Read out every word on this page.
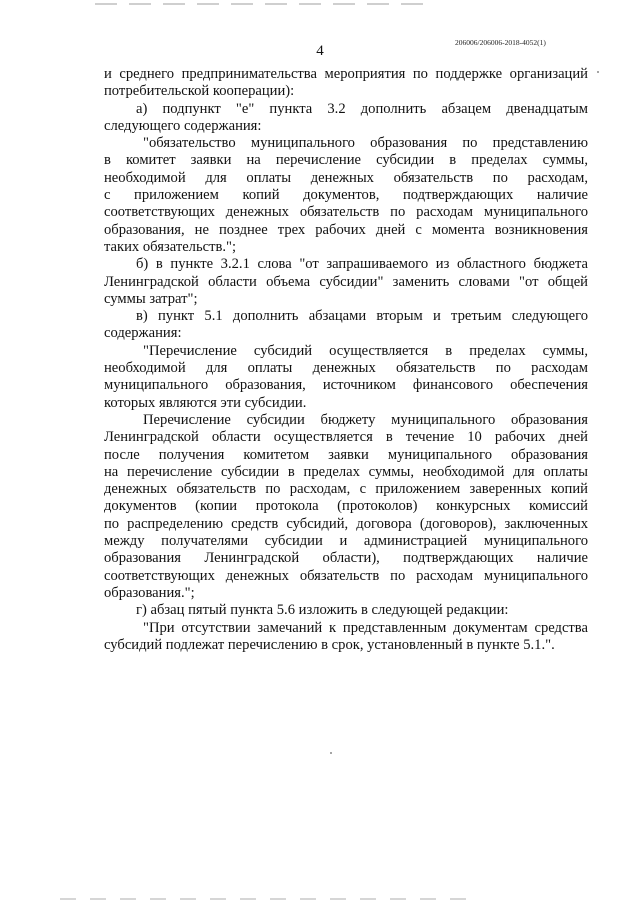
206006/206006-2018-4052(1)
4
и среднего предпринимательства мероприятия по поддержке организаций
потребительской кооперации):
а) подпункт "е" пункта 3.2 дополнить абзацем двенадцатым
следующего содержания:
"обязательство муниципального образования по представлению
в комитет заявки на перечисление субсидии в пределах суммы,
необходимой для оплаты денежных обязательств по расходам,
с приложением копий документов, подтверждающих наличие
соответствующих денежных обязательств по расходам муниципального
образования, не позднее трех рабочих дней с момента возникновения
таких обязательств.";
б) в пункте 3.2.1 слова "от запрашиваемого из областного бюджета
Ленинградской области объема субсидии" заменить словами "от общей
суммы затрат";
в) пункт 5.1 дополнить абзацами вторым и третьим следующего
содержания:
"Перечисление субсидий осуществляется в пределах суммы,
необходимой для оплаты денежных обязательств по расходам
муниципального образования, источником финансового обеспечения
которых являются эти субсидии.
Перечисление субсидии бюджету муниципального образования
Ленинградской области осуществляется в течение 10 рабочих дней
после получения комитетом заявки муниципального образования
на перечисление субсидии в пределах суммы, необходимой для оплаты
денежных обязательств по расходам, с приложением заверенных копий
документов (копии протокола (протоколов) конкурсных комиссий
по распределению средств субсидий, договора (договоров), заключенных
между получателями субсидии и администрацией муниципального
образования Ленинградской области), подтверждающих наличие
соответствующих денежных обязательств по расходам муниципального
образования.";
г) абзац пятый пункта 5.6 изложить в следующей редакции:
"При отсутствии замечаний к представленным документам средства
субсидий подлежат перечислению в срок, установленный в пункте 5.1.".
